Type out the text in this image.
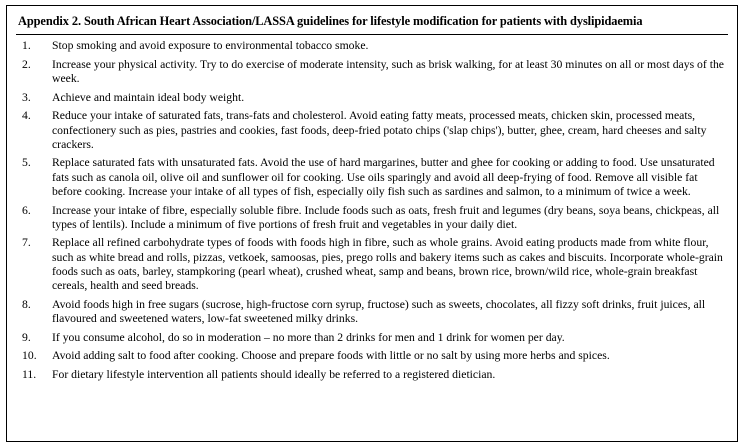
Appendix 2. South African Heart Association/LASSA guidelines for lifestyle modification for patients with dyslipidaemia
1.	Stop smoking and avoid exposure to environmental tobacco smoke.
2.	Increase your physical activity. Try to do exercise of moderate intensity, such as brisk walking, for at least 30 minutes on all or most days of the week.
3.	Achieve and maintain ideal body weight.
4.	Reduce your intake of saturated fats, trans-fats and cholesterol. Avoid eating fatty meats, processed meats, chicken skin, processed meats, confectionery such as pies, pastries and cookies, fast foods, deep-fried potato chips ('slap chips'), butter, ghee, cream, hard cheeses and salty crackers.
5.	Replace saturated fats with unsaturated fats. Avoid the use of hard margarines, butter and ghee for cooking or adding to food. Use unsaturated fats such as canola oil, olive oil and sunflower oil for cooking. Use oils sparingly and avoid all deep-frying of food. Remove all visible fat before cooking. Increase your intake of all types of fish, especially oily fish such as sardines and salmon, to a minimum of twice a week.
6.	Increase your intake of fibre, especially soluble fibre. Include foods such as oats, fresh fruit and legumes (dry beans, soya beans, chickpeas, all types of lentils). Include a minimum of five portions of fresh fruit and vegetables in your daily diet.
7.	Replace all refined carbohydrate types of foods with foods high in fibre, such as whole grains. Avoid eating products made from white flour, such as white bread and rolls, pizzas, vetkoek, samoosas, pies, prego rolls and bakery items such as cakes and biscuits. Incorporate whole-grain foods such as oats, barley, stampkoring (pearl wheat), crushed wheat, samp and beans, brown rice, brown/wild rice, whole-grain breakfast cereals, health and seed breads.
8.	Avoid foods high in free sugars (sucrose, high-fructose corn syrup, fructose) such as sweets, chocolates, all fizzy soft drinks, fruit juices, all flavoured and sweetened waters, low-fat sweetened milky drinks.
9.	If you consume alcohol, do so in moderation – no more than 2 drinks for men and 1 drink for women per day.
10.	Avoid adding salt to food after cooking. Choose and prepare foods with little or no salt by using more herbs and spices.
11.	For dietary lifestyle intervention all patients should ideally be referred to a registered dietician.
